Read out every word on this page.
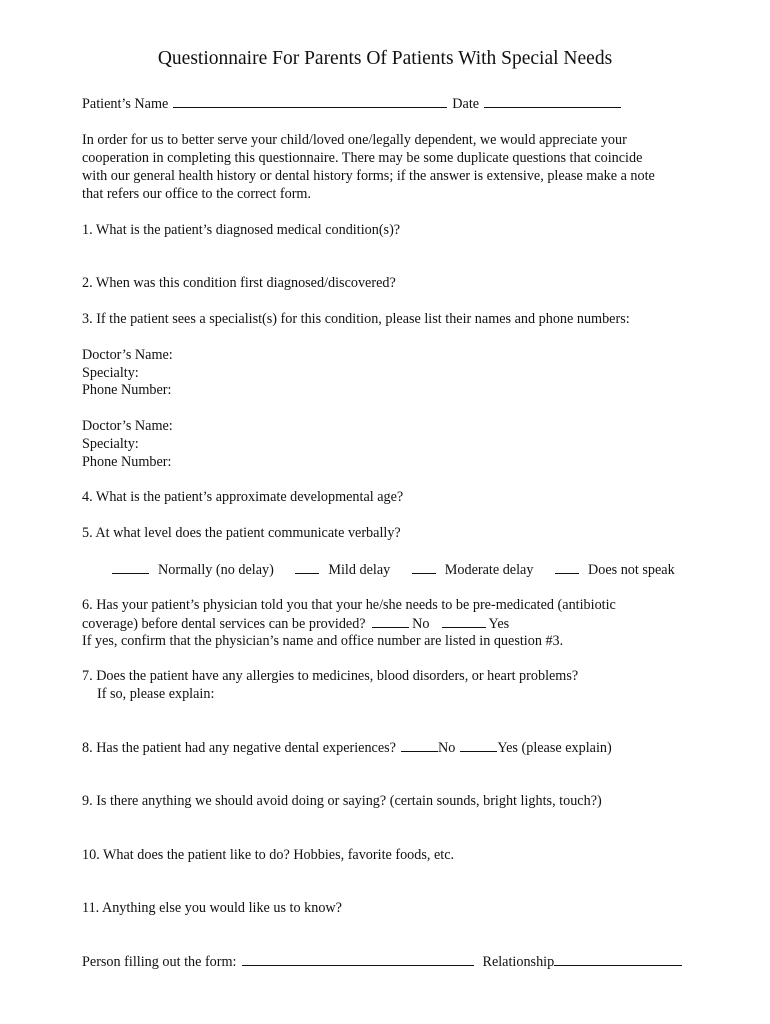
Questionnaire For Parents Of Patients With Special Needs
Patient’s Name	Date
In order for us to better serve your child/loved one/legally dependent, we would appreciate your
cooperation in completing this questionnaire. There may be some duplicate questions that coincide
with our general health history or dental history forms; if the answer is extensive, please make a note
that refers our office to the correct form.
1. What is the patient’s diagnosed medical condition(s)?
2. When was this condition first diagnosed/discovered?
3. If the patient sees a specialist(s) for this condition, please list their names and phone numbers:
Doctor’s Name:
Specialty:
Phone Number:
Doctor’s Name:
Specialty:
Phone Number:
4. What is the patient’s approximate developmental age?
5. At what level does the patient communicate verbally?
Normally (no delay)	Mild delay	Moderate delay	Does not speak
6. Has your patient’s physician told you that your he/she needs to be pre-medicated (antibiotic
coverage) before dental services can be provided?	No	Yes
If yes, confirm that the physician’s name and office number are listed in question #3.
7. Does the patient have any allergies to medicines, blood disorders, or heart problems?
If so, please explain:
8. Has the patient had any negative dental experiences?	No	Yes (please explain)
9. Is there anything we should avoid doing or saying? (certain sounds, bright lights, touch?)
10. What does the patient like to do? Hobbies, favorite foods, etc.
11. Anything else you would like us to know?
Person filling out the form:	Relationship
